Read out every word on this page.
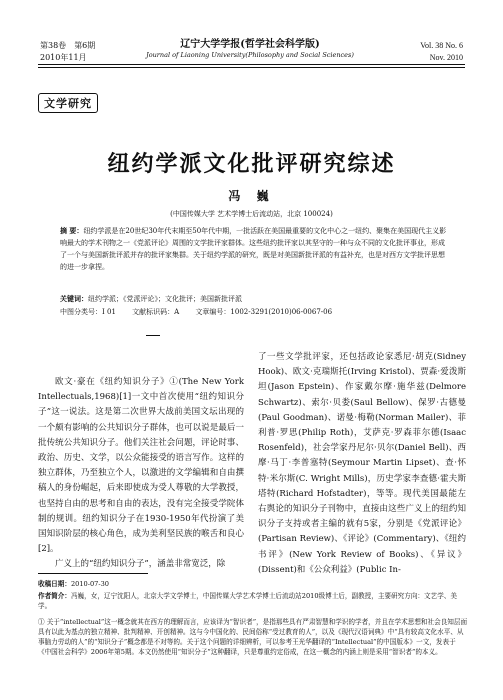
第38卷 第6期
2010年11月
辽宁大学学报(哲学社会科学版)
Journal of Liaoning University(Philosophy and Social Sciences)
Vol. 38 No. 6
Nov. 2010
文学研究
纽约学派文化批评研究综述
冯 巍
(中国传媒大学 艺术学博士后流动站，北京 100024)
摘 要：纽约学派是在20世纪30年代末期至50年代中期，一批活跃在美国最重要的文化中心之一纽约、聚集在美国现代主义影响最大的学术刊物之一《党派评论》周围的文学批评家群体。这些纽约批评家以其坚守的一种与众不同的文化批评事业，形成了一个与美国新批评派并存的批评家集群。关于纽约学派的研究，既是对美国新批评派的有益补充，也是对西方文学批评思想的进一步拿捏。
关键词：纽约学派；《党派评论》；文化批评；美国新批评派
中图分类号：I 01 文献标识码：A 文章编号：1002-3291(2010)06-0067-06

欧文·豪在《纽约知识分子》①(The New York Intellectuals,1968)[1]一文中首次使用“纽约知识分子”这一说法。这是第二次世界大战前美国文坛出现的一个颇有影响的公共知识分子群体，也可以说是最后一批传统公共知识分子。他们关注社会问题，评论时事、政治、历史、文学，以公众能接受的语言写作。这样的独立群体，乃至独立个人，以激进的文学编辑和自由撰稿人的身份崛起，后来即使成为受人尊敬的大学教授，也坚持自由的思考和自由的表达，没有完全接受学院体制的规训。纽约知识分子在1930-1950年代扮演了美国知识阶层的核心角色，成为美利坚民族的喉舌和良心[2]。

广义上的“纽约知识分子”，涵盖非常宽泛，除

了一些文学批评家，还包括政论家悉尼·胡克(Sidney Hook)、欧文·克瑞斯托(Irving Kristol)、贾森·爱泼斯坦(Jason Epstein)、作家戴尔摩·施华兹(Delmore Schwartz)、索尔·贝娄(Saul Bellow)、保罗·古德曼(Paul Goodman)、诺曼·梅勒(Norman Mailer)、菲利普·罗思(Philip Roth)，艾萨克·罗森菲尔德(Isaac Rosenfeld)，社会学家丹尼尔·贝尔(Daniel Bell)、西摩·马丁·李普塞特(Seymour Martin Lipset)、查·怀特·米尔斯(C. Wright Mills)，历史学家李查德·霍夫斯塔特(Richard Hofstadter)，等等。现代美国最能左右舆论的知识分子刊物中，直接由这些广义上的纽约知识分子支持或者主编的就有5家，分别是《党派评论》(Partisan Review)、《评论》(Commentary)、《纽约书评》(New York Review of Books)、《异议》(Dissent)和《公众利益》(Public In-

收稿日期：2010-07-30
作者简介：冯巍，女，辽宁沈阳人，北京大学文学博士，中国传媒大学艺术学博士后流动站2010级博士后，副教授，主要研究方向：文艺学、美学。
① 关于“intellectual”这一概念就其在西方的理解而言，应该译为“智识者”，是指那些具有严肃智慧和学识的学者，并且在学术思想和社会良知层面具有以此为基点的独立精神、批判精神、开创精神。这与今中国化的、民间俗称“受过教育的人”，以及《现代汉语词典》中“具有较高文化水平、从事脑力劳动的人”的“知识分子”概念都是不对等的。关于这个问题的详细辨析，可以参考王光华翻译的“Intellectual”的中国版本》一文，发表于《中国社会科学》2006年第5期。本文仍然使用“知识分子”这种翻译，只是尊重约定俗成，在这一概念的内涵上则是采用“智识者”的本义。
